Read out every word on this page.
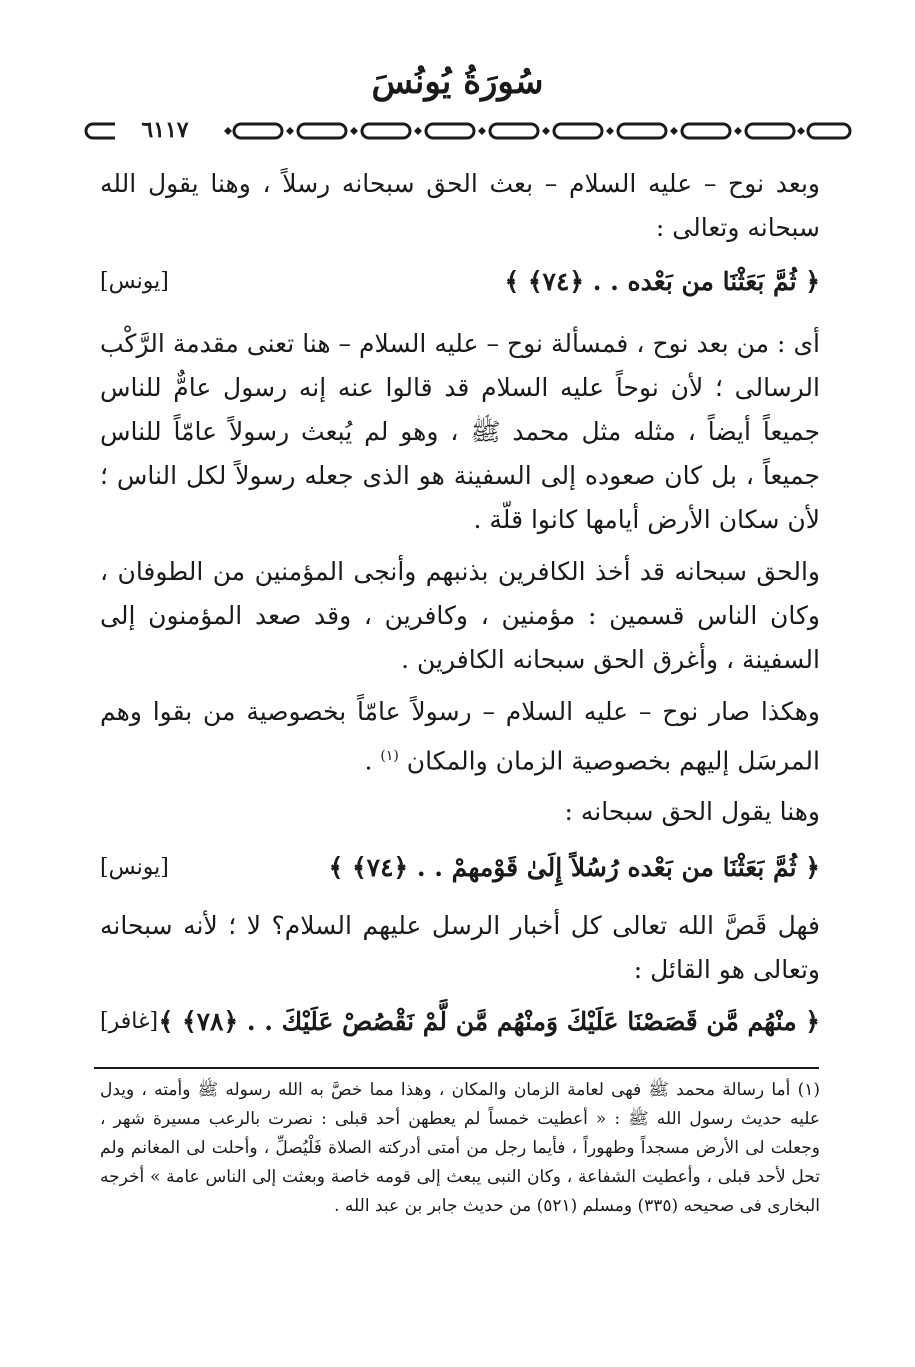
سُورَةُ يُونُسَ
٦١١٧

وبعد نوح – عليه السلام – بعث الحق سبحانه رسلاً ، وهنا يقول الله سبحانه وتعالى :

﴿ ثُمَّ بَعَثْنَا من بَعْده . . ﴿٧٤﴾ ﴾
[يونس]

أى : من بعد نوح ، فمسألة نوح – عليه السلام – هنا تعنى مقدمة الرَّكْب الرسالى ؛ لأن نوحاً عليه السلام قد قالوا عنه إنه رسول عامٌّ للناس جميعاً أيضاً ، مثله مثل محمد ﷺ ، وهو لم يُبعث رسولاً عامّاً للناس جميعاً ، بل كان صعوده إلى السفينة هو الذى جعله رسولاً لكل الناس ؛ لأن سكان الأرض أيامها كانوا قلّة .

والحق سبحانه قد أخذ الكافرين بذنبهم وأنجى المؤمنين من الطوفان ، وكان الناس قسمين : مؤمنين ، وكافرين ، وقد صعد المؤمنون إلى السفينة ، وأغرق الحق سبحانه الكافرين .

وهكذا صار نوح – عليه السلام – رسولاً عامّاً بخصوصية من بقوا وهم المرسَل إليهم بخصوصية الزمان والمكان $^{(١)}$ .

وهنا يقول الحق سبحانه :

﴿ ثُمَّ بَعَثْنَا من بَعْده رُسُلاً إِلَىٰ قَوْمهمْ . . ﴿٧٤﴾ ﴾
[يونس]

فهل قَصَّ الله تعالى كل أخبار الرسل عليهم السلام؟ لا ؛ لأنه سبحانه وتعالى هو القائل :

﴿ منْهُم مَّن قَصَصْنَا عَلَيْكَ وَمنْهُم مَّن لَّمْ نَقْصُصْ عَلَيْكَ . . ﴿٧٨﴾ ﴾
[غافر]

(١) أما رسالة محمد ﷺ فهى لعامة الزمان والمكان ، وهذا مما خصَّ به الله رسوله ﷺ وأمته ، ويدل عليه حديث رسول الله ﷺ : « أعطيت خمساً لم يعطهن أحد قبلى : نصرت بالرعب مسيرة شهر ، وجعلت لى الأرض مسجداً وطهوراً ، فأيما رجل من أمتى أدركته الصلاة فَلْيُصلِّ ، وأحلت لى المغانم ولم تحل لأحد قبلى ، وأعطيت الشفاعة ، وكان النبى يبعث إلى قومه خاصة وبعثت إلى الناس عامة » أخرجه البخارى فى صحيحه (٣٣٥) ومسلم (٥٢١) من حديث جابر بن عبد الله .
